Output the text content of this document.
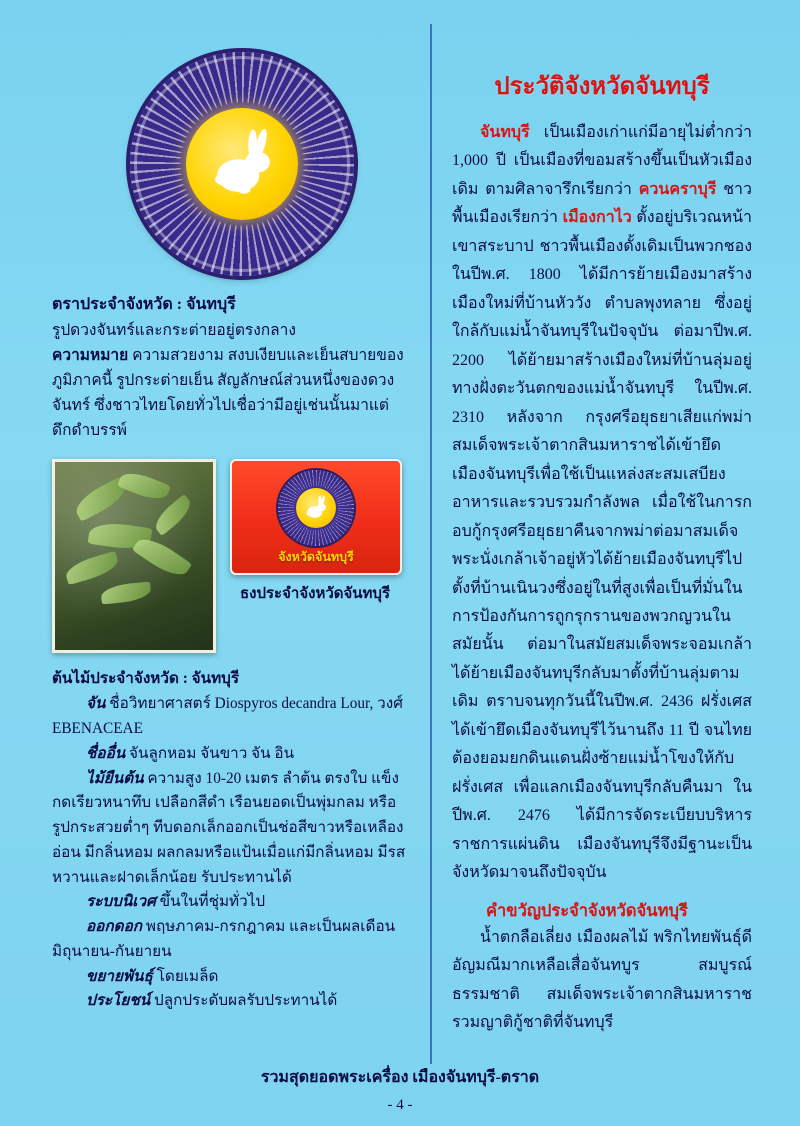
ตราประจำจังหวัด : จันทบุรี

รูปดวงจันทร์และกระต่ายอยู่ตรงกลาง

ความหมาย ความสวยงาม สงบเงียบและเย็นสบายของภูมิภาคนี้ รูปกระต่ายเย็น สัญลักษณ์ส่วนหนึ่งของดวงจันทร์ ซึ่งชาวไทยโดยทั่วไปเชื่อว่ามีอยู่เช่นนั้นมาแต่ดึกดำบรรพ์

จังหวัดจันทบุรี
ธงประจำจังหวัดจันทบุรี

ต้นไม้ประจำจังหวัด : จันทบุรี

จัน ชื่อวิทยาศาสตร์ Diospyros decandra Lour, วงศ์ EBENACEAE

ชื่ออื่น จันลูกหอม จันขาว จัน อิน

ไม้ยืนต้น ความสูง 10-20 เมตร ลำต้น ตรงใบ แข็งกดเรียวหนาทึบ เปลือกสีดำ เรือนยอดเป็นพุ่มกลม หรือรูปกระสวยต่ำๆ ทีบดอกเล็กออกเป็นช่อสีขาวหรือเหลืองอ่อน มีกลิ่นหอม ผลกลมหรือแป้นเมื่อแก่มีกลิ่นหอม มีรสหวานและฝาดเล็กน้อย รับประทานได้

ระบบนิเวศ ขึ้นในที่ชุ่มทั่วไป

ออกดอก พฤษภาคม-กรกฎาคม และเป็นผลเดือนมิถุนายน-กันยายน

ขยายพันธุ์ โดยเมล็ด

ประโยชน์ ปลูกประดับผลรับประทานได้

ประวัติจังหวัดจันทบุรี

จันทบุรี เป็นเมืองเก่าแก่มีอายุไม่ต่ำกว่า 1,000 ปี เป็นเมืองที่ขอมสร้างขึ้นเป็นหัวเมืองเดิม ตามศิลาจารึกเรียกว่า ควนคราบุรี ชาวพื้นเมืองเรียกว่า เมืองกาไว ตั้งอยู่บริเวณหน้าเขาสระบาป ชาวพื้นเมืองดั้งเดิมเป็นพวกชอง ในปีพ.ศ. 1800 ได้มีการย้ายเมืองมาสร้างเมืองใหม่ที่บ้านหัววัง ตำบลพุงทลาย ซึ่งอยู่ใกล้กับแม่น้ำจันทบุรีในปัจจุบัน ต่อมาปีพ.ศ. 2200 ได้ย้ายมาสร้างเมืองใหม่ที่บ้านลุ่มอยู่ทางฝั่งตะวันตกของแม่น้ำจันทบุรี ในปีพ.ศ. 2310 หลังจาก กรุงศรีอยุธยาเสียแก่พม่า สมเด็จพระเจ้าตากสินมหาราชได้เข้ายึดเมืองจันทบุรีเพื่อใช้เป็นแหล่งสะสมเสบียงอาหารและรวบรวมกำลังพล เมื่อใช้ในการกอบกู้กรุงศรีอยุธยาคืนจากพม่าต่อมาสมเด็จพระนั่งเกล้าเจ้าอยู่หัวได้ย้ายเมืองจันทบุรีไปตั้งที่บ้านเนินวงซึ่งอยู่ในที่สูงเพื่อเป็นที่มั่นในการป้องกันการถูกรุกรานของพวกญวนในสมัยนั้น ต่อมาในสมัยสมเด็จพระจอมเกล้า ได้ย้ายเมืองจันทบุรีกลับมาตั้งที่บ้านลุ่มตามเดิม ตราบจนทุกวันนี้ในปีพ.ศ. 2436 ฝรั่งเศส ได้เข้ายึดเมืองจันทบุรีไว้นานถึง 11 ปี จนไทยต้องยอมยกดินแดนฝั่งซ้ายแม่น้ำโขงให้กับฝรั่งเศส เพื่อแลกเมืองจันทบุรีกลับคืนมา ในปีพ.ศ. 2476 ได้มีการจัดระเบียบบริหารราชการแผ่นดิน เมืองจันทบุรีจึงมีฐานะเป็นจังหวัดมาจนถึงปัจจุบัน

คำขวัญประจำจังหวัดจันทบุรี

น้ำตกลือเลี่ยง เมืองผลไม้ พริกไทยพันธุ์ดี อัญมณีมากเหลือเสื่อจันทบูร สมบูรณ์ธรรมชาติ สมเด็จพระเจ้าตากสินมหาราช รวมญาติกู้ชาติที่จันทบุรี

รวมสุดยอดพระเครื่อง เมืองจันทบุรี-ตราด
- 4 -
